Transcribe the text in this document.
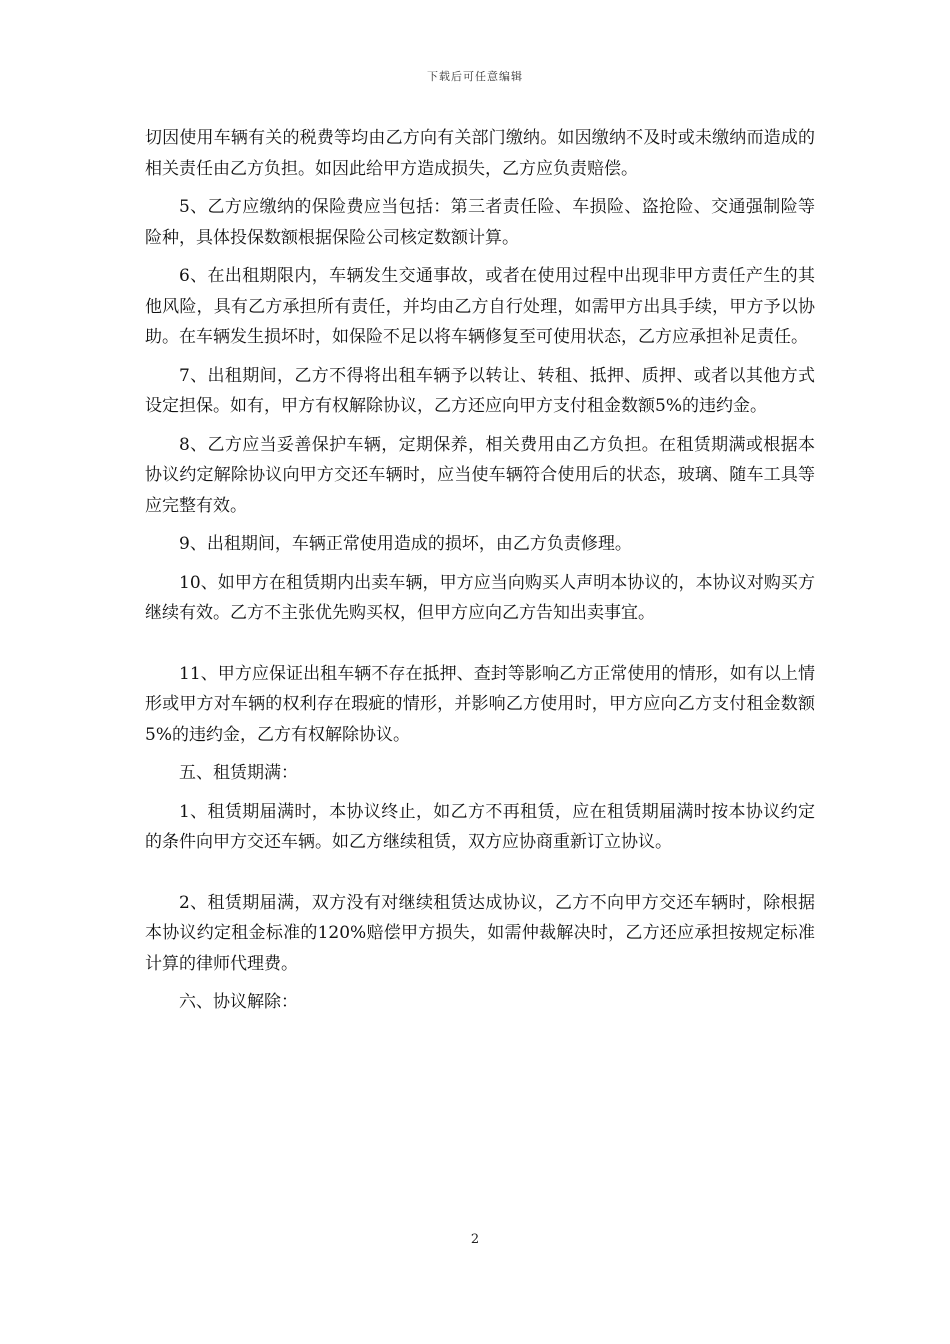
下载后可任意编辑

切因使用车辆有关的税费等均由乙方向有关部门缴纳。如因缴纳不及时或未缴纳而造成的相关责任由乙方负担。如因此给甲方造成损失，乙方应负责赔偿。

5、乙方应缴纳的保险费应当包括：第三者责任险、车损险、盗抢险、交通强制险等险种，具体投保数额根据保险公司核定数额计算。

6、在出租期限内，车辆发生交通事故，或者在使用过程中出现非甲方责任产生的其他风险，具有乙方承担所有责任，并均由乙方自行处理，如需甲方出具手续，甲方予以协助。在车辆发生损坏时，如保险不足以将车辆修复至可使用状态，乙方应承担补足责任。

7、出租期间，乙方不得将出租车辆予以转让、转租、抵押、质押、或者以其他方式设定担保。如有，甲方有权解除协议，乙方还应向甲方支付租金数额5%的违约金。

8、乙方应当妥善保护车辆，定期保养，相关费用由乙方负担。在租赁期满或根据本协议约定解除协议向甲方交还车辆时，应当使车辆符合使用后的状态，玻璃、随车工具等应完整有效。

9、出租期间，车辆正常使用造成的损坏，由乙方负责修理。

10、如甲方在租赁期内出卖车辆，甲方应当向购买人声明本协议的，本协议对购买方继续有效。乙方不主张优先购买权，但甲方应向乙方告知出卖事宜。

11、甲方应保证出租车辆不存在抵押、查封等影响乙方正常使用的情形，如有以上情形或甲方对车辆的权利存在瑕疵的情形，并影响乙方使用时，甲方应向乙方支付租金数额5%的违约金，乙方有权解除协议。

五、租赁期满：

1、租赁期届满时，本协议终止，如乙方不再租赁，应在租赁期届满时按本协议约定的条件向甲方交还车辆。如乙方继续租赁，双方应协商重新订立协议。

2、租赁期届满，双方没有对继续租赁达成协议，乙方不向甲方交还车辆时，除根据本协议约定租金标准的120%赔偿甲方损失，如需仲裁解决时，乙方还应承担按规定标准计算的律师代理费。

六、协议解除：

2
